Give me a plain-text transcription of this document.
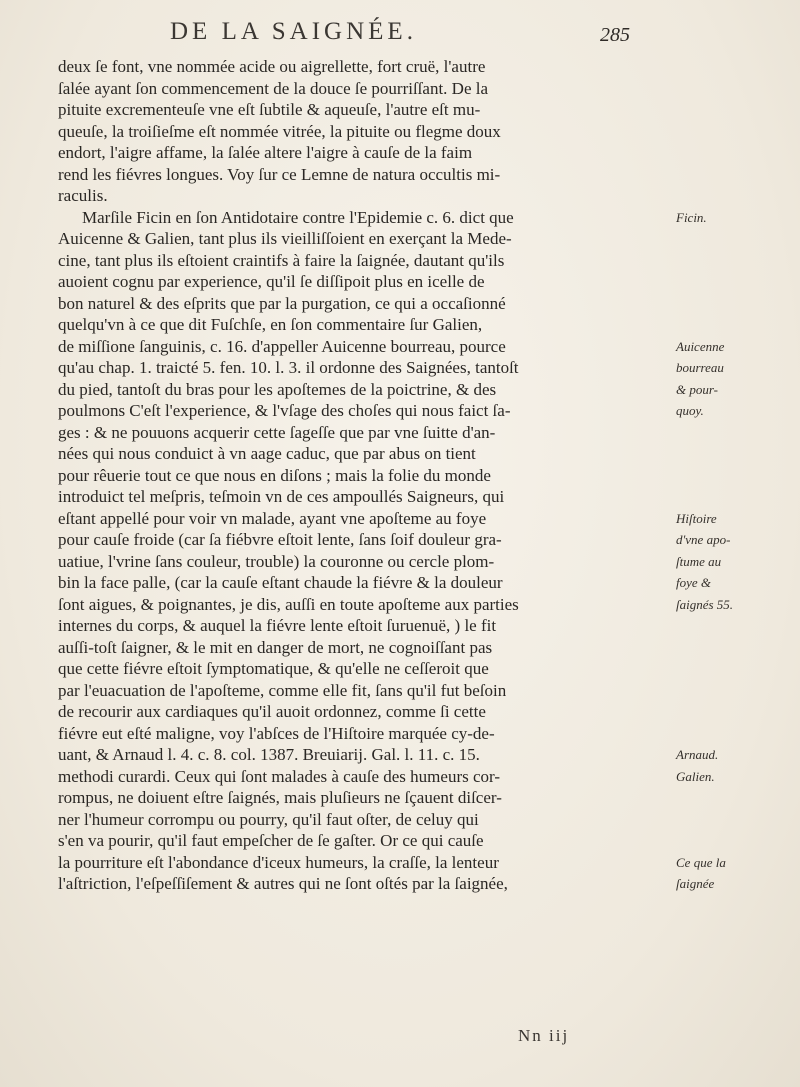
DE LA SAIGNÉE.	285
deux ſe font, vne nommée acide ou aigrellette, fort cruë, l'autre
ſalée ayant ſon commencement de la douce ſe pourriſſant. De la
pituite excrementeuſe vne eſt ſubtile & aqueuſe, l'autre eſt mu-
queuſe, la troiſieſme eſt nommée vitrée, la pituite ou flegme doux
endort, l'aigre affame, la ſalée altere l'aigre à cauſe de la faim
rend les fiévres longues. Voy ſur ce Lemne de natura occultis mi-
raculis.
Marſile Ficin en ſon Antidotaire contre l'Epidemie c. 6. dict que
Auicenne & Galien, tant plus ils vieilliſſoient en exerçant la Mede-
cine, tant plus ils eſtoient craintifs à faire la ſaignée, dautant qu'ils
auoient cognu par experience, qu'il ſe diſſipoit plus en icelle de
bon naturel & des eſprits que par la purgation, ce qui a occaſionné
quelqu'vn à ce que dit Fuſchſe, en ſon commentaire ſur Galien,
de miſſione ſanguinis, c. 16. d'appeller Auicenne bourreau, pource
qu'au chap. 1. traicté 5. fen. 10. l. 3. il ordonne des Saignées, tantoſt
du pied, tantoſt du bras pour les apoſtemes de la poictrine, & des
poulmons C'eſt l'experience, & l'vſage des choſes qui nous faict ſa-
ges : & ne pouuons acquerir cette ſageſſe que par vne ſuitte d'an-
nées qui nous conduict à vn aage caduc, que par abus on tient
pour rêuerie tout ce que nous en diſons ; mais la folie du monde
introduict tel meſpris, teſmoin vn de ces ampoullés Saigneurs, qui
eſtant appellé pour voir vn malade, ayant vne apoſteme au foye
pour cauſe froide (car ſa fiébvre eſtoit lente, ſans ſoif douleur gra-
uatiue, l'vrine ſans couleur, trouble) la couronne ou cercle plom-
bin la face palle, (car la cauſe eſtant chaude la fiévre & la douleur
ſont aigues, & poignantes, je dis, auſſi en toute apoſteme aux parties
internes du corps, & auquel la fiévre lente eſtoit ſuruenuë, ) le fit
auſſi-toſt ſaigner, & le mit en danger de mort, ne cognoiſſant pas
que cette fiévre eſtoit ſymptomatique, & qu'elle ne ceſſeroit que
par l'euacuation de l'apoſteme, comme elle fit, ſans qu'il fut beſoin
de recourir aux cardiaques qu'il auoit ordonnez, comme ſi cette
fiévre eut eſté maligne, voy l'abſces de l'Hiſtoire marquée cy-de-
uant, & Arnaud l. 4. c. 8. col. 1387. Breuiarij. Gal. l. 11. c. 15.
methodi curardi. Ceux qui ſont malades à cauſe des humeurs cor-
rompus, ne doiuent eſtre ſaignés, mais pluſieurs ne ſçauent diſcer-
ner l'humeur corrompu ou pourry, qu'il faut oſter, de celuy qui
s'en va pourir, qu'il faut empeſcher de ſe gaſter. Or ce qui cauſe
la pourriture eſt l'abondance d'iceux humeurs, la craſſe, la lenteur
l'aſtriction, l'eſpeſſiſement & autres qui ne ſont oſtés par la ſaignée,
Ficin.
Auicenne
bourreau
& pour-
quoy.
Hiſtoire
d'vne apo-
ſtume au
foye &
ſaignés 55.
Arnaud.
Galien.
Ce que la
ſaignée
Nn iij
